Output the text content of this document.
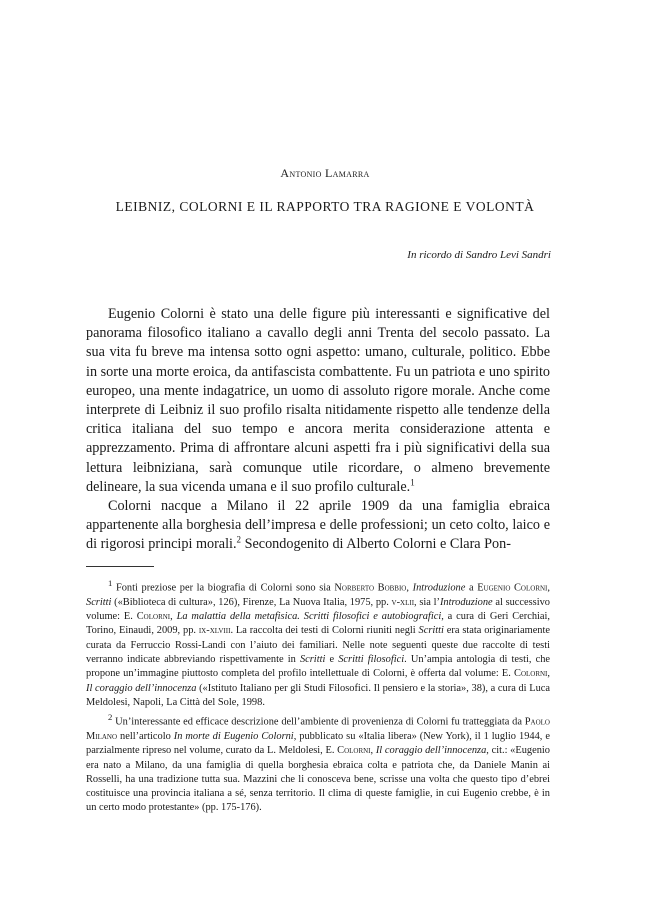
Antonio Lamarra
LEIBNIZ, COLORNI E IL RAPPORTO TRA RAGIONE E VOLONTÀ
In ricordo di Sandro Levi Sandri

Eugenio Colorni è stato una delle figure più interessanti e significative del panorama filosofico italiano a cavallo degli anni Trenta del secolo passato. La sua vita fu breve ma intensa sotto ogni aspetto: umano, culturale, politico. Ebbe in sorte una morte eroica, da antifascista combattente. Fu un patriota e uno spirito europeo, una mente indagatrice, un uomo di assoluto rigore morale. Anche come interprete di Leibniz il suo profilo risalta nitidamente rispetto alle tendenze della critica italiana del suo tempo e ancora merita considerazione attenta e apprezzamento. Prima di affrontare alcuni aspetti fra i più significativi della sua lettura leibniziana, sarà comunque utile ricordare, o almeno brevemente delineare, la sua vicenda umana e il suo profilo culturale.$^1$

Colorni nacque a Milano il 22 aprile 1909 da una famiglia ebraica appartenente alla borghesia dell’impresa e delle professioni; un ceto colto, laico e di rigorosi principi morali.$^2$ Secondogenito di Alberto Colorni e Clara Pon-

$^1$ Fonti preziose per la biografia di Colorni sono sia Norberto Bobbio, Introduzione a Eugenio Colorni, Scritti («Biblioteca di cultura», 126), Firenze, La Nuova Italia, 1975, pp. v-xlii, sia l’Introduzione al successivo volume: E. Colorni, La malattia della metafisica. Scritti filosofici e autobiografici, a cura di Geri Cerchiai, Torino, Einaudi, 2009, pp. ix-xlviii. La raccolta dei testi di Colorni riuniti negli Scritti era stata originariamente curata da Ferruccio Rossi-Landi con l’aiuto dei familiari. Nelle note seguenti queste due raccolte di testi verranno indicate abbreviando rispettivamente in Scritti e Scritti filosofici. Un’ampia antologia di testi, che propone un’immagine piuttosto completa del profilo intellettuale di Colorni, è offerta dal volume: E. Colorni, Il coraggio dell’innocenza («Istituto Italiano per gli Studi Filosofici. Il pensiero e la storia», 38), a cura di Luca Meldolesi, Napoli, La Città del Sole, 1998.

$^2$ Un’interessante ed efficace descrizione dell’ambiente di provenienza di Colorni fu tratteggiata da Paolo Milano nell’articolo In morte di Eugenio Colorni, pubblicato su «Italia libera» (New York), il 1 luglio 1944, e parzialmente ripreso nel volume, curato da L. Meldolesi, E. Colorni, Il coraggio dell’innocenza, cit.: «Eugenio era nato a Milano, da una famiglia di quella borghesia ebraica colta e patriota che, da Daniele Manin ai Rosselli, ha una tradizione tutta sua. Mazzini che li conosceva bene, scrisse una volta che questo tipo d’ebrei costituisce una provincia italiana a sé, senza territorio. Il clima di queste famiglie, in cui Eugenio crebbe, è in un certo modo protestante» (pp. 175-176).
